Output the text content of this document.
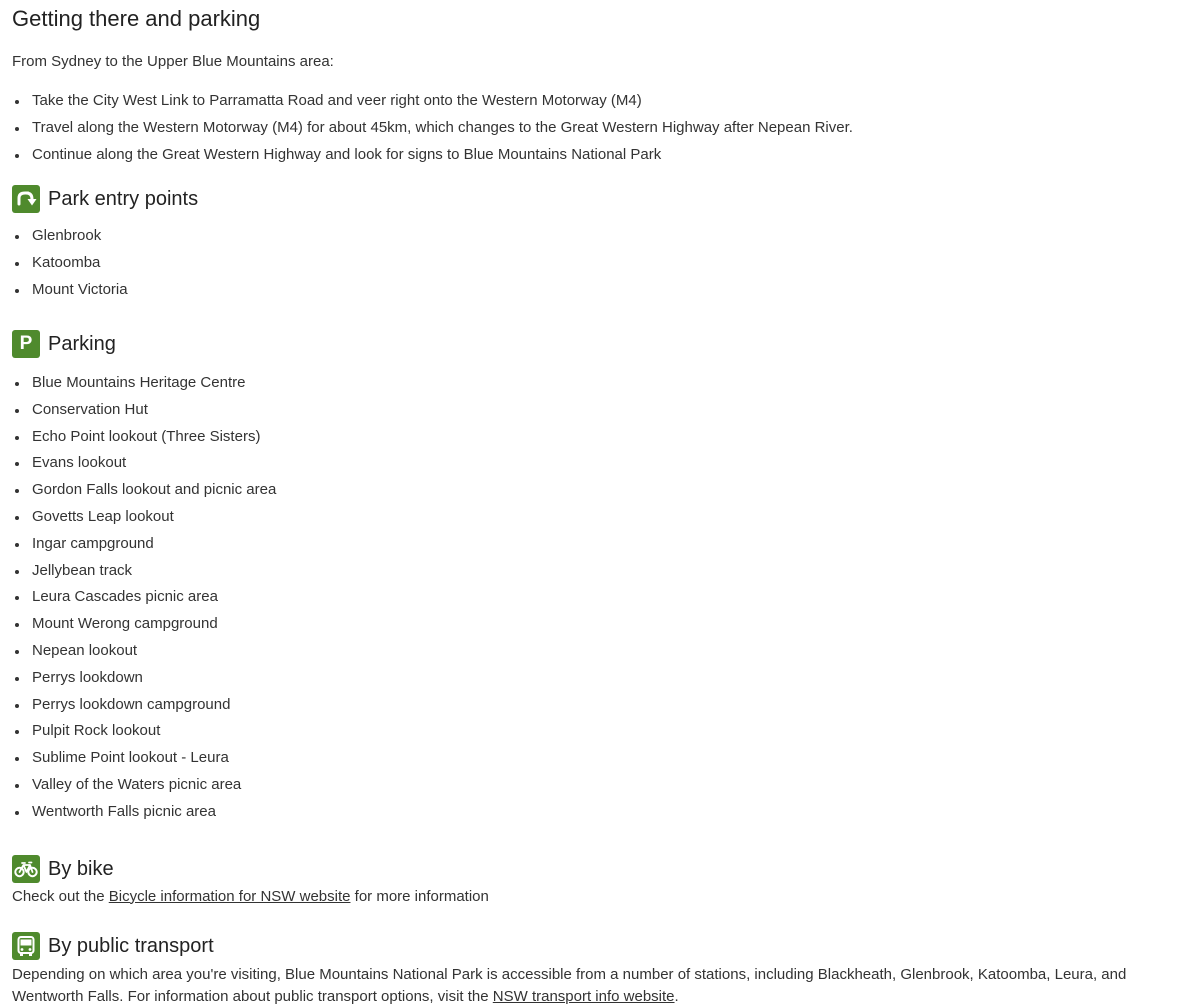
Getting there and parking

From Sydney to the Upper Blue Mountains area:

Take the City West Link to Parramatta Road and veer right onto the Western Motorway (M4)
Travel along the Western Motorway (M4) for about 45km, which changes to the Great Western Highway after Nepean River.
Continue along the Great Western Highway and look for signs to Blue Mountains National Park
Park entry points
Glenbrook
Katoomba
Mount Victoria
P Parking
Blue Mountains Heritage Centre
Conservation Hut
Echo Point lookout (Three Sisters)
Evans lookout
Gordon Falls lookout and picnic area
Govetts Leap lookout
Ingar campground
Jellybean track
Leura Cascades picnic area
Mount Werong campground
Nepean lookout
Perrys lookdown
Perrys lookdown campground
Pulpit Rock lookout
Sublime Point lookout - Leura
Valley of the Waters picnic area
Wentworth Falls picnic area
By bike

Check out the Bicycle information for NSW website for more information

By public transport

Depending on which area you're visiting, Blue Mountains National Park is accessible from a number of stations, including Blackheath, Glenbrook, Katoomba, Leura, and Wentworth Falls. For information about public transport options, visit the NSW transport info website.
